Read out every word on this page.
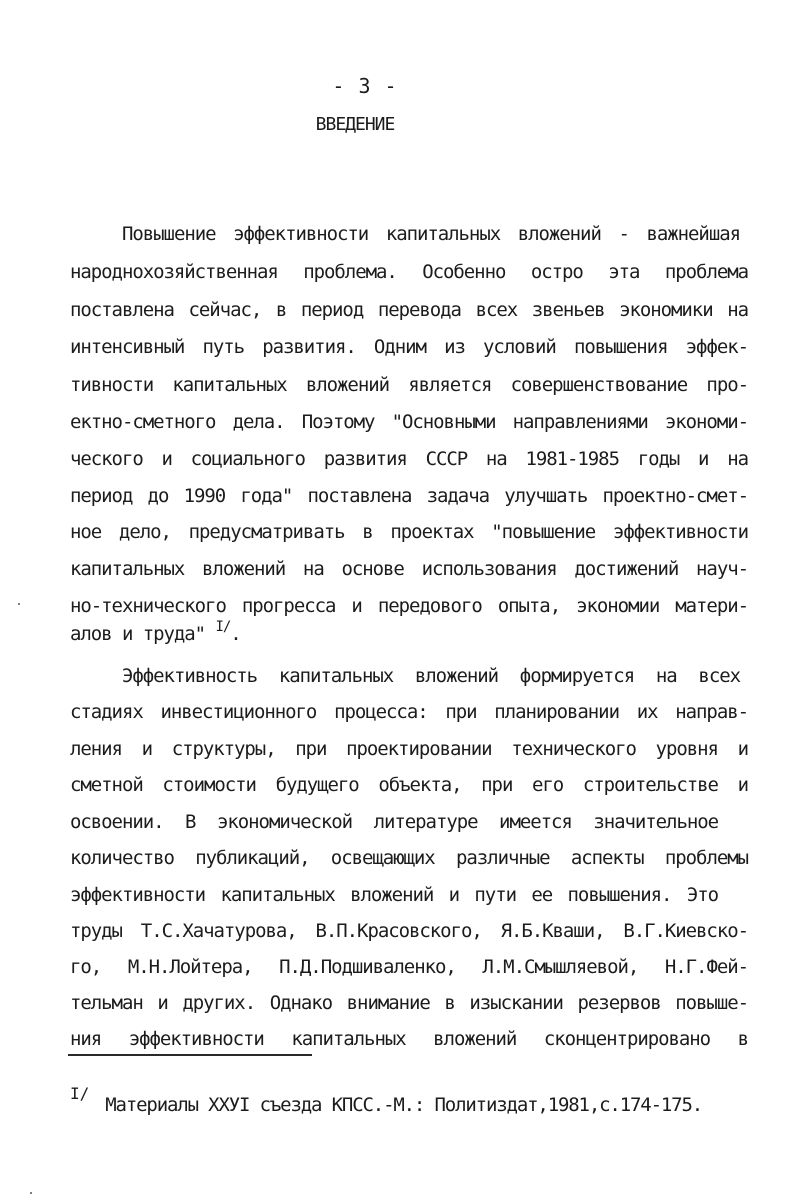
- 3 -
ВВЕДЕНИЕ
Повышение эффективности капитальных вложений - важнейшая
народнохозяйственная проблема. Особенно остро эта проблема
поставлена сейчас, в период перевода всех звеньев экономики на
интенсивный путь развития. Одним из условий повышения эффек-
тивности капитальных вложений является совершенствование про-
ектно-сметного дела. Поэтому "Основными направлениями экономи-
ческого и социального развития СССР на 1981-1985 годы и на
период до 1990 года" поставлена задача улучшать проектно-смет-
ное дело, предусматривать в проектах "повышение эффективности
капитальных вложений на основе использования достижений науч-
но-технического прогресса и передового опыта, экономии матери-
алов и труда" $^{I/}$.
Эффективность капитальных вложений формируется на всех
стадиях инвестиционного процесса: при планировании их направ-
ления и структуры, при проектировании технического уровня и
сметной стоимости будущего объекта, при его строительстве и
освоении. В экономической литературе имеется значительное
количество публикаций, освещающих различные аспекты проблемы
эффективности капитальных вложений и пути ее повышения. Это
труды Т.С.Хачатурова, В.П.Красовского, Я.Б.Кваши, В.Г.Киевско-
го, М.Н.Лойтера, П.Д.Подшиваленко, Л.М.Смышляевой, Н.Г.Фей-
тельман и других. Однако внимание в изыскании резервов повыше-
ния эффективности капитальных вложений сконцентрировано в
$^{I/}$Материалы XXУI съезда КПСС.-М.: Политиздат,1981,с.174-175.
